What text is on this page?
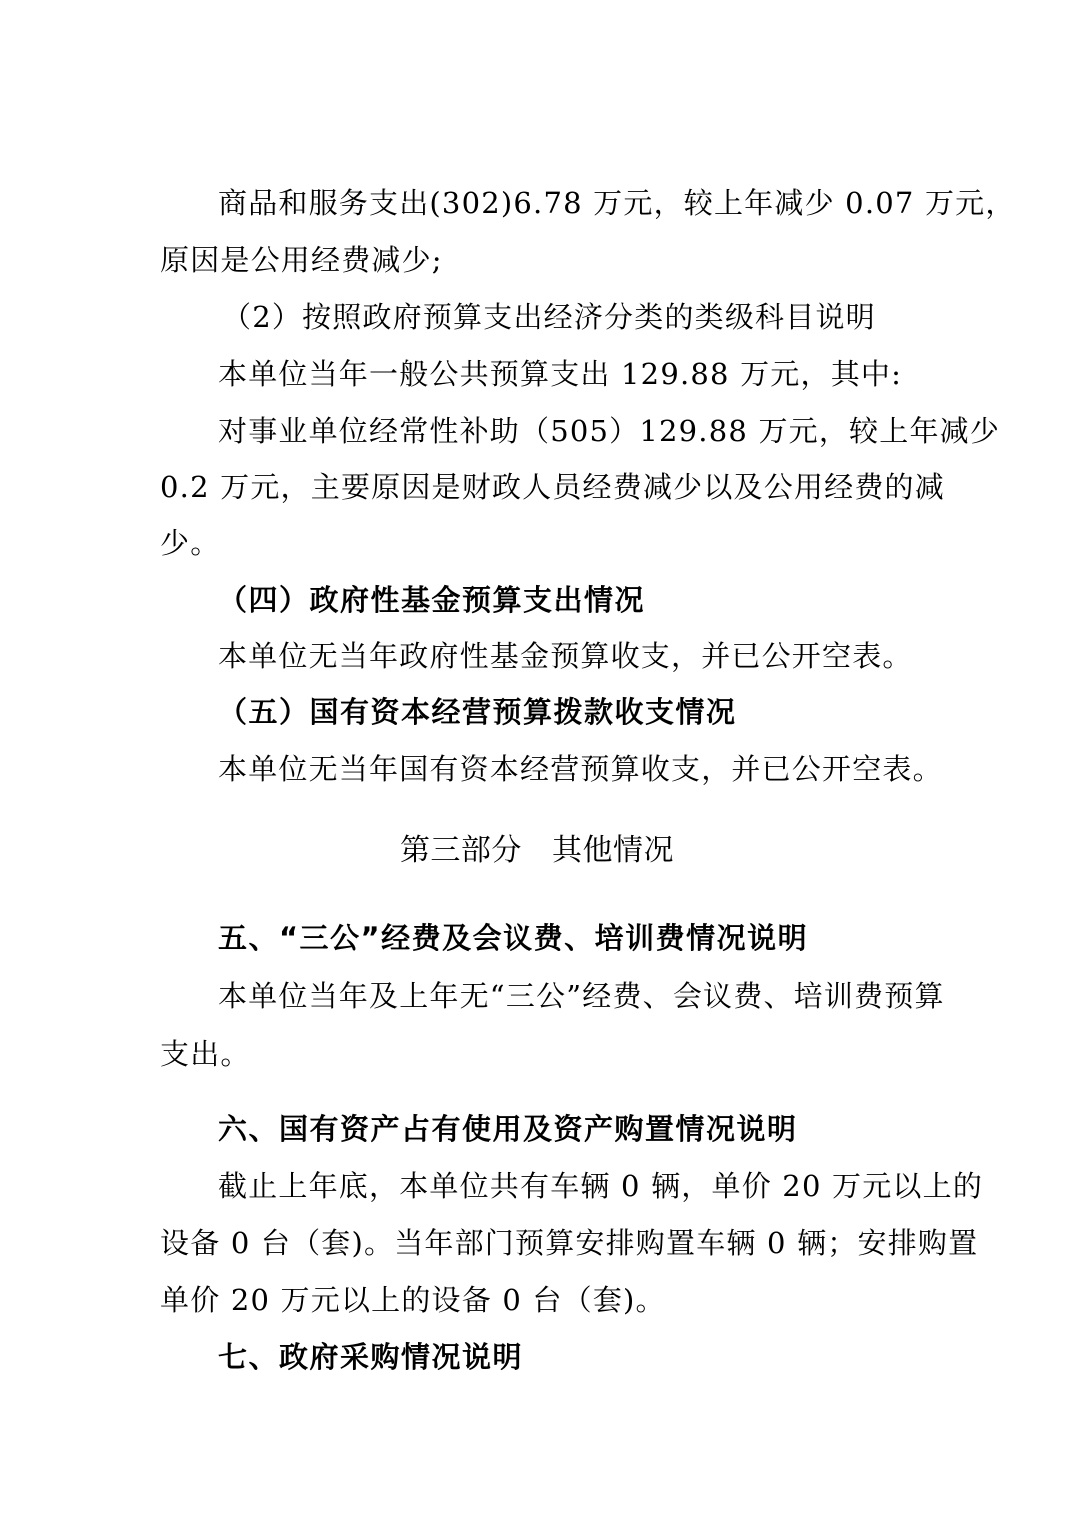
商品和服务支出(302)6.78 万元，较上年减少 0.07 万元，
原因是公用经费减少;
（2）按照政府预算支出经济分类的类级科目说明
本单位当年一般公共预算支出 129.88 万元，其中:
对事业单位经常性补助（505）129.88 万元，较上年减少
0.2 万元，主要原因是财政人员经费减少以及公用经费的减
少。
（四）政府性基金预算支出情况
本单位无当年政府性基金预算收支，并已公开空表。
（五）国有资本经营预算拨款收支情况
本单位无当年国有资本经营预算收支，并已公开空表。
第三部分   其他情况
五、“三公”经费及会议费、培训费情况说明
本单位当年及上年无“三公”经费、会议费、培训费预算
支出。
六、国有资产占有使用及资产购置情况说明
截止上年底，本单位共有车辆 0 辆，单价 20 万元以上的
设备 0 台（套)。当年部门预算安排购置车辆 0 辆；安排购置
单价 20 万元以上的设备 0 台（套)。
七、政府采购情况说明
